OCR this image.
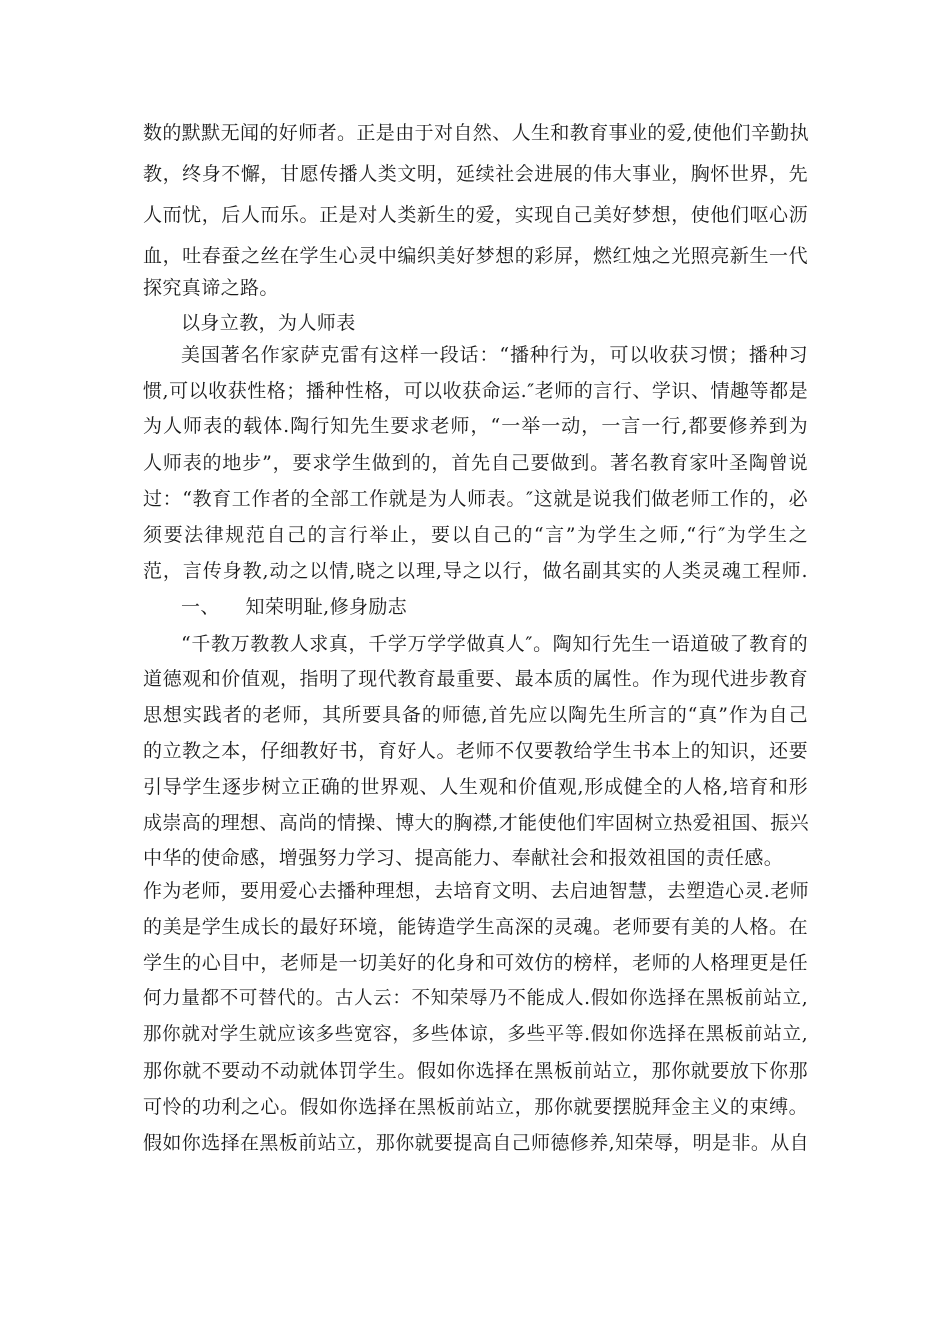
数的默默无闻的好师者。正是由于对自然、人生和教育事业的爱,使他们辛勤执
教，终身不懈，甘愿传播人类文明，延续社会进展的伟大事业，胸怀世界，先
人而忧，后人而乐。正是对人类新生的爱，实现自己美好梦想，使他们呕心沥
血，吐春蚕之丝在学生心灵中编织美好梦想的彩屏，燃红烛之光照亮新生一代
探究真谛之路。
以身立教，为人师表
美国著名作家萨克雷有这样一段话：“播种行为，可以收获习惯；播种习
惯,可以收获性格；播种性格，可以收获命运.″老师的言行、学识、情趣等都是
为人师表的载体.陶行知先生要求老师，“一举一动，一言一行,都要修养到为
人师表的地步”，要求学生做到的，首先自己要做到。著名教育家叶圣陶曾说
过：“教育工作者的全部工作就是为人师表。″这就是说我们做老师工作的，必
须要法律规范自己的言行举止，要以自己的“言”为学生之师,“行″为学生之
范，言传身教,动之以情,晓之以理,导之以行，做名副其实的人类灵魂工程师.
一、    知荣明耻,修身励志
“千教万教教人求真，千学万学学做真人″。陶知行先生一语道破了教育的
道德观和价值观，指明了现代教育最重要、最本质的属性。作为现代进步教育
思想实践者的老师，其所要具备的师德,首先应以陶先生所言的“真”作为自己
的立教之本，仔细教好书，育好人。老师不仅要教给学生书本上的知识，还要
引导学生逐步树立正确的世界观、人生观和价值观,形成健全的人格,培育和形
成崇高的理想、高尚的情操、博大的胸襟,才能使他们牢固树立热爱祖国、振兴
中华的使命感，增强努力学习、提高能力、奉献社会和报效祖国的责任感。
作为老师，要用爱心去播种理想，去培育文明、去启迪智慧，去塑造心灵.老师
的美是学生成长的最好环境，能铸造学生高深的灵魂。老师要有美的人格。在
学生的心目中，老师是一切美好的化身和可效仿的榜样，老师的人格理更是任
何力量都不可替代的。古人云：不知荣辱乃不能成人.假如你选择在黑板前站立,
那你就对学生就应该多些宽容，多些体谅，多些平等.假如你选择在黑板前站立,
那你就不要动不动就体罚学生。假如你选择在黑板前站立，那你就要放下你那
可怜的功利之心。假如你选择在黑板前站立，那你就要摆脱拜金主义的束缚。
假如你选择在黑板前站立，那你就要提高自己师德修养,知荣辱，明是非。从自
